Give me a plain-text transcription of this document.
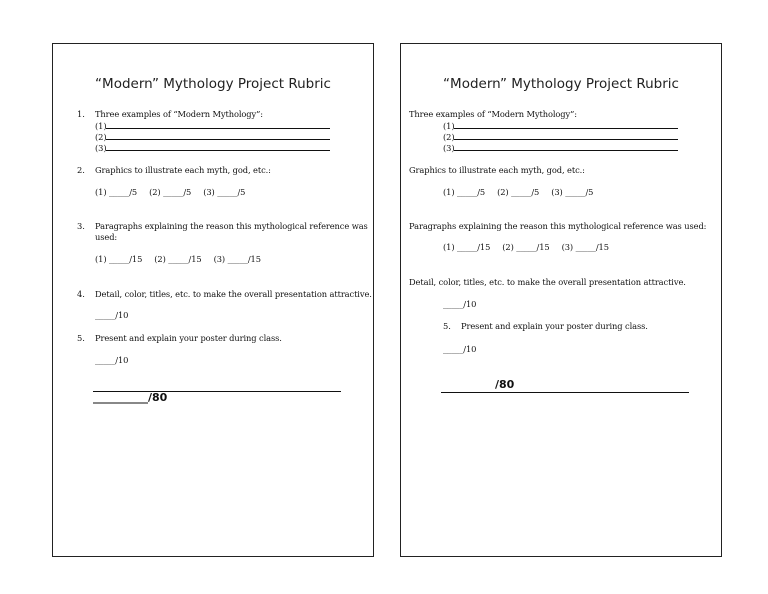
“Modern” Mythology Project Rubric
1. Three examples of “Modern Mythology”:
(1)
(2)
(3)
2. Graphics to illustrate each myth, god, etc.:
(1) _____/5 (2) _____/5 (3) _____/5
3. Paragraphs explaining the reason this mythological reference was
used:
(1) _____/15 (2) _____/15 (3) _____/15
4. Detail, color, titles, etc. to make the overall presentation attractive.
_____/10
5. Present and explain your poster during class.
_____/10
__________/80
“Modern” Mythology Project Rubric
Three examples of “Modern Mythology”:
(1)
(2)
(3)
Graphics to illustrate each myth, god, etc.:
(1) _____/5 (2) _____/5 (3) _____/5
Paragraphs explaining the reason this mythological reference was used:
(1) _____/15 (2) _____/15 (3) _____/15
Detail, color, titles, etc. to make the overall presentation attractive.
_____/10
5. Present and explain your poster during class.
_____/10
/80
